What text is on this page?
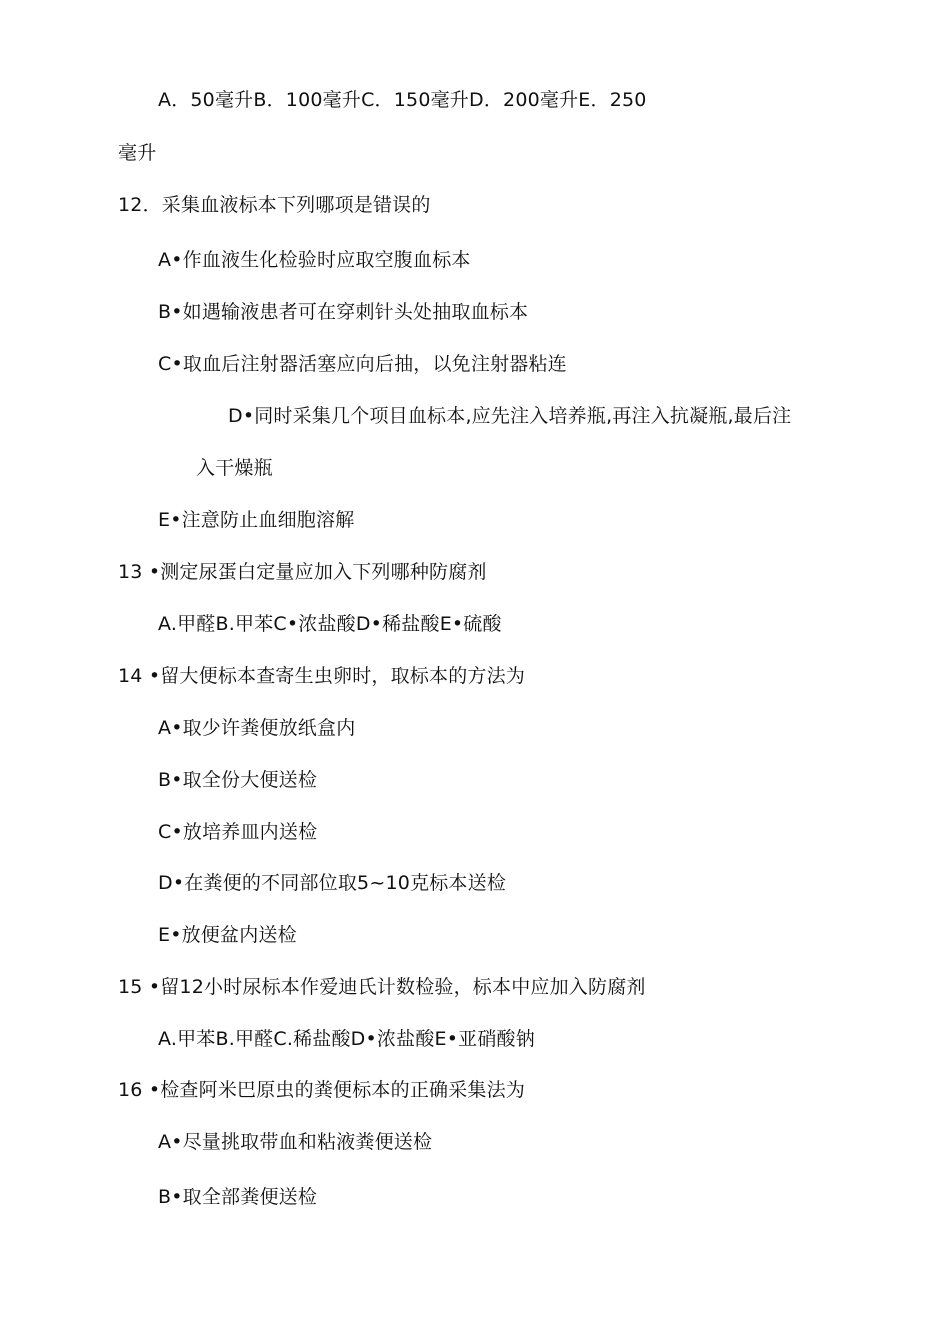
A．50毫升B．100毫升C．150毫升D．200毫升E．250
毫升
12．采集血液标本下列哪项是错误的
A•作血液生化检验时应取空腹血标本
B•如遇输液患者可在穿刺针头处抽取血标本
C•取血后注射器活塞应向后抽，以免注射器粘连
D•同时采集几个项目血标本,应先注入培养瓶,再注入抗凝瓶,最后注
入干燥瓶
E•注意防止血细胞溶解
13 •测定尿蛋白定量应加入下列哪种防腐剂
A.甲醛B.甲苯C•浓盐酸D•稀盐酸E•硫酸
14 •留大便标本查寄生虫卵时，取标本的方法为
A•取少许粪便放纸盒内
B•取全份大便送检
C•放培养皿内送检
D•在粪便的不同部位取5~10克标本送检
E•放便盆内送检
15 •留12小时尿标本作爱迪氏计数检验，标本中应加入防腐剂
A.甲苯B.甲醛C.稀盐酸D•浓盐酸E•亚硝酸钠
16 •检查阿米巴原虫的粪便标本的正确采集法为
A•尽量挑取带血和粘液粪便送检
B•取全部粪便送检
